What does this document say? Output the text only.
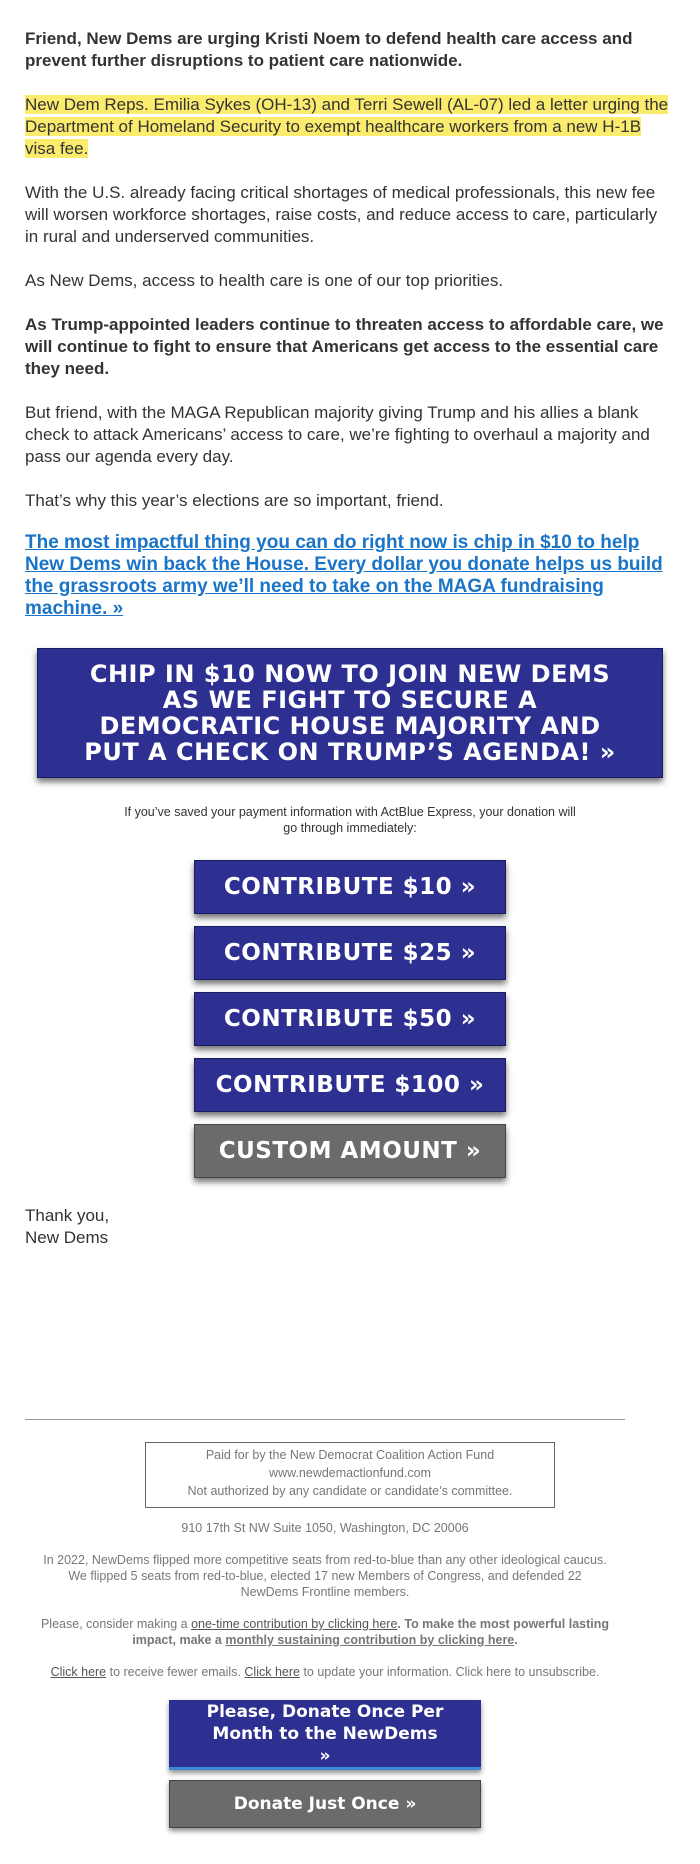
Friend, New Dems are urging Kristi Noem to defend health care access and prevent further disruptions to patient care nationwide.

New Dem Reps. Emilia Sykes (OH-13) and Terri Sewell (AL-07) led a letter urging the Department of Homeland Security to exempt healthcare workers from a new H-1B visa fee.

With the U.S. already facing critical shortages of medical professionals, this new fee will worsen workforce shortages, raise costs, and reduce access to care, particularly in rural and underserved communities.

As New Dems, access to health care is one of our top priorities.

As Trump-appointed leaders continue to threaten access to affordable care, we will continue to fight to ensure that Americans get access to the essential care they need.

But friend, with the MAGA Republican majority giving Trump and his allies a blank check to attack Americans’ access to care, we’re fighting to overhaul a majority and pass our agenda every day.

That’s why this year’s elections are so important, friend.

The most impactful thing you can do right now is chip in $10 to help New Dems win back the House. Every dollar you donate helps us build the grassroots army we’ll need to take on the MAGA fundraising machine. »
CHIP IN $10 NOW TO JOIN NEW DEMS AS WE FIGHT TO SECURE A DEMOCRATIC HOUSE MAJORITY AND PUT A CHECK ON TRUMP’S AGENDA! »
If you’ve saved your payment information with ActBlue Express, your donation will go through immediately:
CONTRIBUTE $10 »
CONTRIBUTE $25 »
CONTRIBUTE $50 »
CONTRIBUTE $100 »
CUSTOM AMOUNT »
Thank you,
New Dems
Paid for by the New Democrat Coalition Action Fund
www.newdemactionfund.com
Not authorized by any candidate or candidate’s committee.
910 17th St NW Suite 1050, Washington, DC 20006
In 2022, NewDems flipped more competitive seats from red-to-blue than any other ideological caucus. We flipped 5 seats from red-to-blue, elected 17 new Members of Congress, and defended 22 NewDems Frontline members.
Please, consider making a one-time contribution by clicking here. To make the most powerful lasting impact, make a monthly sustaining contribution by clicking here.
Click here to receive fewer emails. Click here to update your information. Click here to unsubscribe.
Please, Donate Once Per Month to the NewDems »
Donate Just Once »
